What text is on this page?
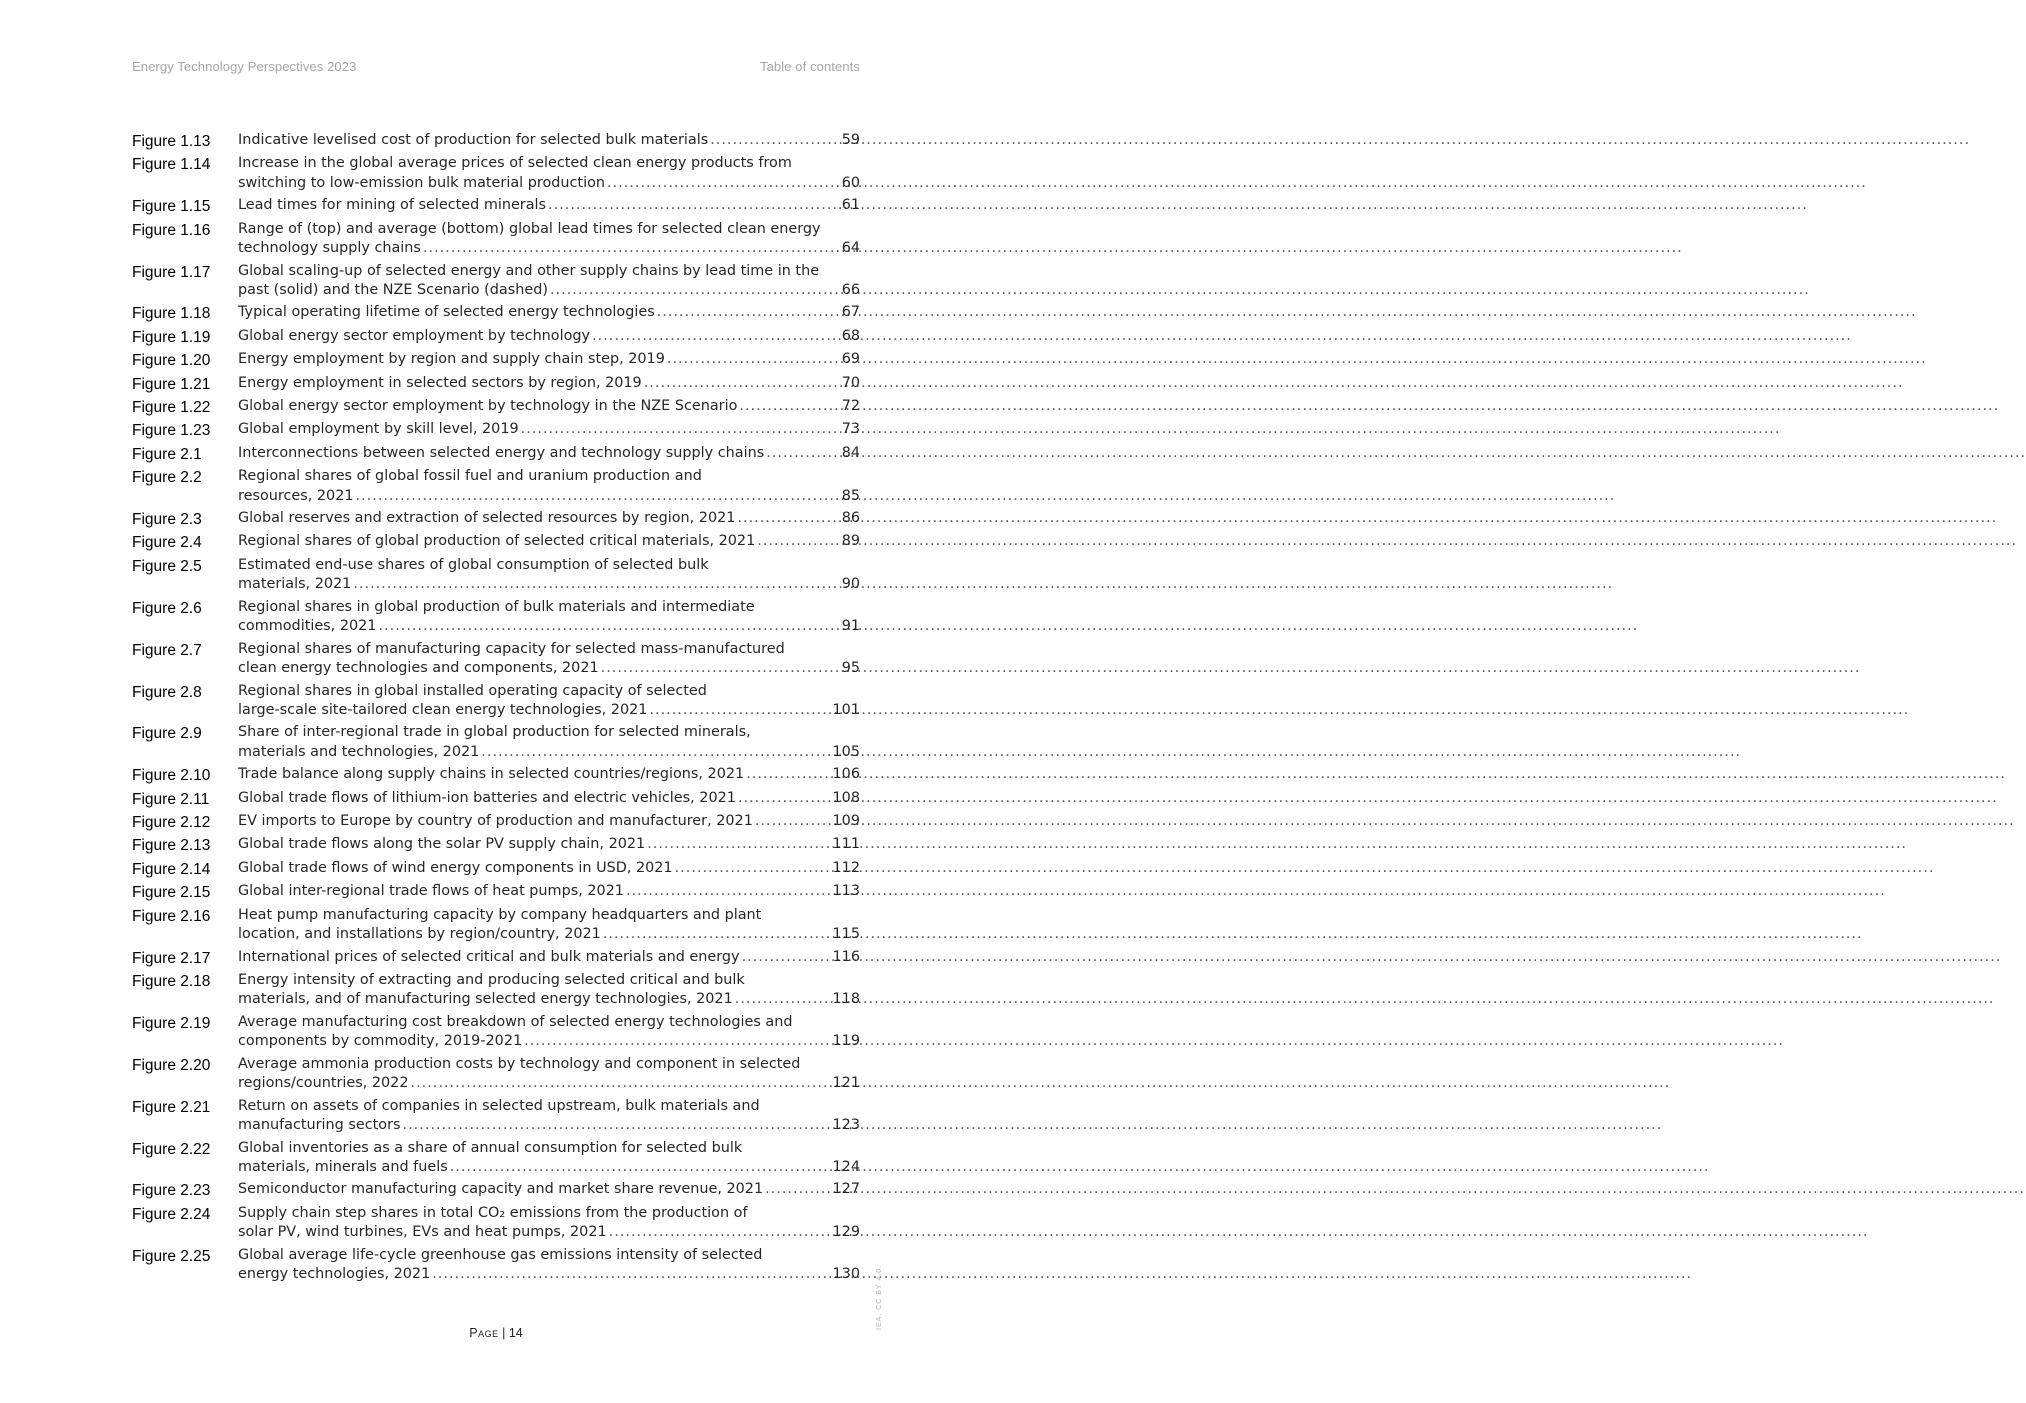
Energy Technology Perspectives 2023	Table of contents
Figure 1.13	Indicative levelised cost of production for selected bulk materials .....	59
Figure 1.14	Increase in the global average prices of selected clean energy products from
switching to low-emission bulk material production .....	60
Figure 1.15	Lead times for mining of selected minerals .....	61
Figure 1.16	Range of (top) and average (bottom) global lead times for selected clean energy
technology supply chains .....	64
Figure 1.17	Global scaling-up of selected energy and other supply chains by lead time in the
past (solid) and the NZE Scenario (dashed) .....	66
Figure 1.18	Typical operating lifetime of selected energy technologies .....	67
Figure 1.19	Global energy sector employment by technology .....	68
Figure 1.20	Energy employment by region and supply chain step, 2019 .....	69
Figure 1.21	Energy employment in selected sectors by region, 2019 .....	70
Figure 1.22	Global energy sector employment by technology in the NZE Scenario .....	72
Figure 1.23	Global employment by skill level, 2019 .....	73
Figure 2.1	Interconnections between selected energy and technology supply chains .....	84
Figure 2.2	Regional shares of global fossil fuel and uranium production and
resources, 2021 .....	85
Figure 2.3	Global reserves and extraction of selected resources by region, 2021 .....	86
Figure 2.4	Regional shares of global production of selected critical materials, 2021 .....	89
Figure 2.5	Estimated end-use shares of global consumption of selected bulk
materials, 2021 .....	90
Figure 2.6	Regional shares in global production of bulk materials and intermediate
commodities, 2021 .....	91
Figure 2.7	Regional shares of manufacturing capacity for selected mass-manufactured
clean energy technologies and components, 2021 .....	95
Figure 2.8	Regional shares in global installed operating capacity of selected
large-scale site-tailored clean energy technologies, 2021 .....	101
Figure 2.9	Share of inter-regional trade in global production for selected minerals,
materials and technologies, 2021 .....	105
Figure 2.10	Trade balance along supply chains in selected countries/regions, 2021 .....	106
Figure 2.11	Global trade flows of lithium-ion batteries and electric vehicles, 2021 .....	108
Figure 2.12	EV imports to Europe by country of production and manufacturer, 2021 .....	109
Figure 2.13	Global trade flows along the solar PV supply chain, 2021 .....	111
Figure 2.14	Global trade flows of wind energy components in USD, 2021 .....	112
Figure 2.15	Global inter-regional trade flows of heat pumps, 2021 .....	113
Figure 2.16	Heat pump manufacturing capacity by company headquarters and plant
location, and installations by region/country, 2021 .....	115
Figure 2.17	International prices of selected critical and bulk materials and energy .....	116
Figure 2.18	Energy intensity of extracting and producing selected critical and bulk
materials, and of manufacturing selected energy technologies, 2021 .....	118
Figure 2.19	Average manufacturing cost breakdown of selected energy technologies and
components by commodity, 2019-2021 .....	119
Figure 2.20	Average ammonia production costs by technology and component in selected
regions/countries, 2022 .....	121
Figure 2.21	Return on assets of companies in selected upstream, bulk materials and
manufacturing sectors .....	123
Figure 2.22	Global inventories as a share of annual consumption for selected bulk
materials, minerals and fuels .....	124
Figure 2.23	Semiconductor manufacturing capacity and market share revenue, 2021 .....	127
Figure 2.24	Supply chain step shares in total CO₂ emissions from the production of
solar PV, wind turbines, EVs and heat pumps, 2021 .....	129
Figure 2.25	Global average life-cycle greenhouse gas emissions intensity of selected
energy technologies, 2021 .....	130
Page | 14
IEA. CC BY 4.0.
